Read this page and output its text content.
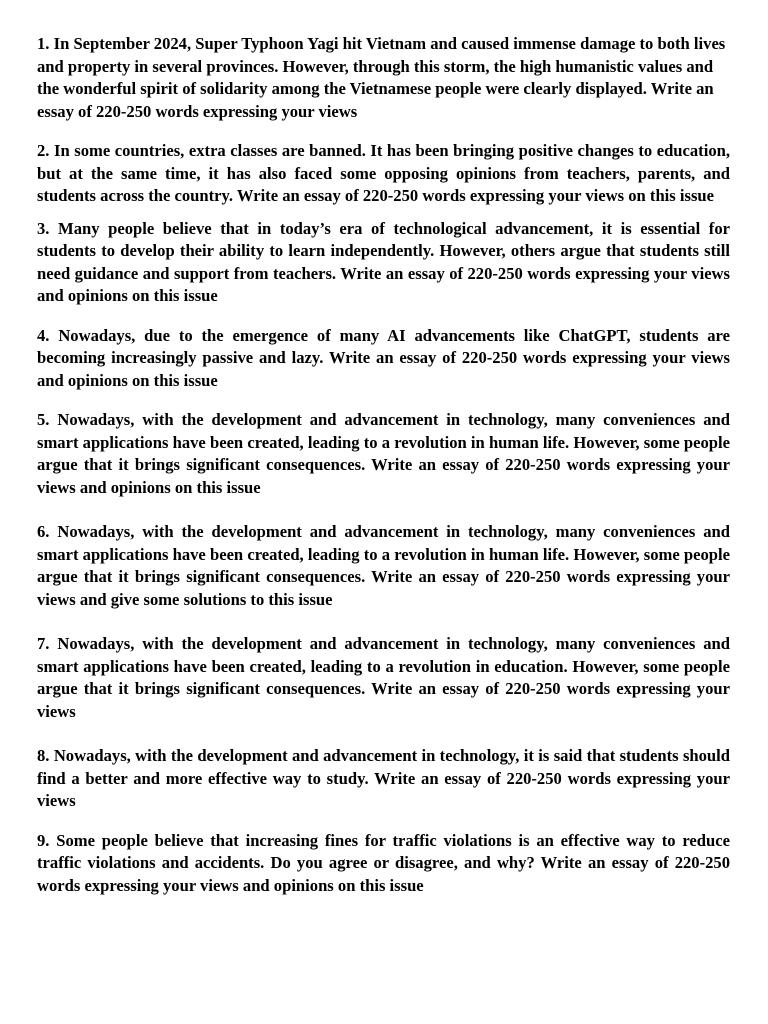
1. In September 2024, Super Typhoon Yagi hit Vietnam and caused immense damage to both lives and property in several provinces. However, through this storm, the high humanistic values and the wonderful spirit of solidarity among the Vietnamese people were clearly displayed. Write an essay of 220-250 words expressing your views

2. In some countries, extra classes are banned. It has been bringing positive changes to education, but at the same time, it has also faced some opposing opinions from teachers, parents, and students across the country. Write an essay of 220-250 words expressing your views on this issue

3. Many people believe that in today’s era of technological advancement, it is essential for students to develop their ability to learn independently. However, others argue that students still need guidance and support from teachers. Write an essay of 220-250 words expressing your views and opinions on this issue

4. Nowadays, due to the emergence of many AI advancements like ChatGPT, students are becoming increasingly passive and lazy. Write an essay of 220-250 words expressing your views and opinions on this issue

5. Nowadays, with the development and advancement in technology, many conveniences and smart applications have been created, leading to a revolution in human life. However, some people argue that it brings significant consequences. Write an essay of 220-250 words expressing your views and opinions on this issue

6. Nowadays, with the development and advancement in technology, many conveniences and smart applications have been created, leading to a revolution in human life. However, some people argue that it brings significant consequences. Write an essay of 220-250 words expressing your views and give some solutions to this issue

7. Nowadays, with the development and advancement in technology, many conveniences and smart applications have been created, leading to a revolution in education. However, some people argue that it brings significant consequences. Write an essay of 220-250 words expressing your views

8. Nowadays, with the development and advancement in technology, it is said that students should find a better and more effective way to study. Write an essay of 220-250 words expressing your views

9. Some people believe that increasing fines for traffic violations is an effective way to reduce traffic violations and accidents. Do you agree or disagree, and why? Write an essay of 220-250 words expressing your views and opinions on this issue
